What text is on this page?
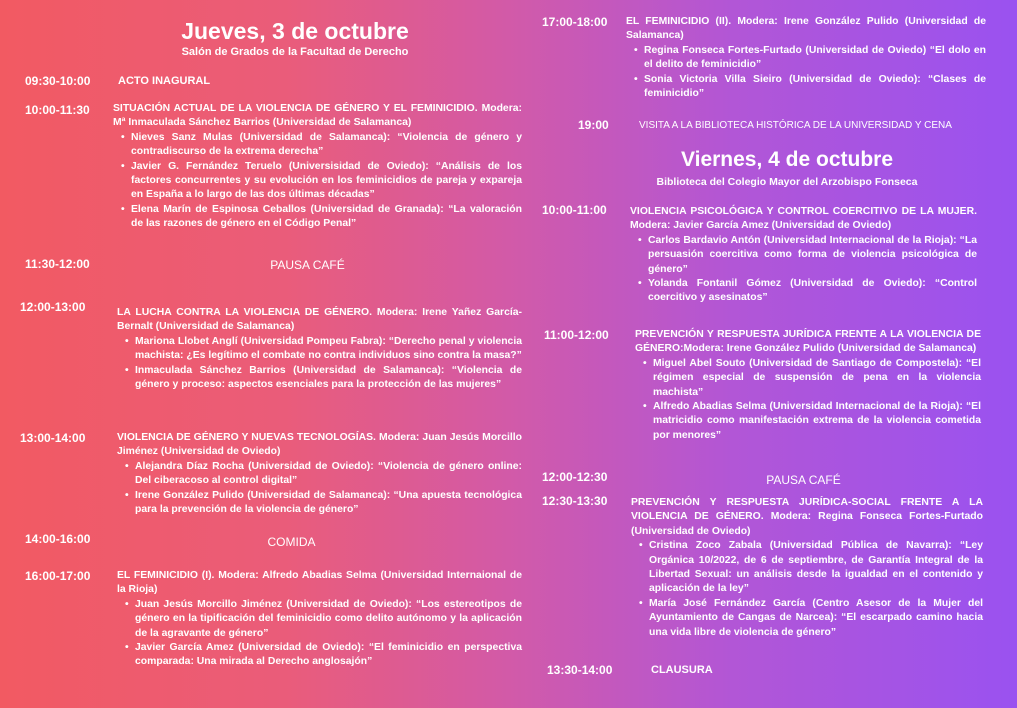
Jueves, 3 de octubre
Salón de Grados de la Facultad de Derecho
09:30-10:00	ACTO INAGURAL
10:00-11:30 SITUACIÓN ACTUAL DE LA VIOLENCIA DE GÉNERO Y EL FEMINICIDIO. Modera: Mª Inmaculada Sánchez Barrios (Universidad de Salamanca)
• Nieves Sanz Mulas (Universidad de Salamanca): “Violencia de género y contradiscurso de la extrema derecha”
• Javier G. Fernández Teruelo (Universisidad de Oviedo): “Análisis de los factores concurrentes y su evolución en los feminicidios de pareja y expareja en España a lo largo de las dos últimas décadas”
• Elena Marín de Espinosa Ceballos (Universidad de Granada): “La valoración de las razones de género en el Código Penal”
11:30-12:00	PAUSA CAFÉ
12:00-13:00	LA LUCHA CONTRA LA VIOLENCIA DE GÉNERO. Modera: Irene Yañez García-Bernalt (Universidad de Salamanca)
• Mariona Llobet Anglí (Universidad Pompeu Fabra): “Derecho penal y violencia machista: ¿Es legítimo el combate no contra individuos sino contra la masa?”
• Inmaculada Sánchez Barrios (Universidad de Salamanca): “Violencia de género y proceso: aspectos esenciales para la protección de las mujeres”
13:00-14:00	VIOLENCIA DE GÉNERO Y NUEVAS TECNOLOGÍAS. Modera: Juan Jesús Morcillo Jiménez (Universidad de Oviedo)
• Alejandra Díaz Rocha (Universidad de Oviedo): “Violencia de género online: Del ciberacoso al control digital”
• Irene González Pulido (Universidad de Salamanca): “Una apuesta tecnológica para la prevención de la violencia de género”
14:00-16:00	COMIDA
16:00-17:00	EL FEMINICIDIO (I). Modera: Alfredo Abadias Selma (Universidad Internaional de la Rioja)
• Juan Jesús Morcillo Jiménez (Universidad de Oviedo): “Los estereotipos de género en la tipificación del feminicidio como delito autónomo y la aplicación de la agravante de género”
• Javier García Amez (Universidad de Oviedo): “El feminicidio en perspectiva comparada: Una mirada al Derecho anglosajón”
17:00-18:00 EL FEMINICIDIO (II). Modera: Irene González Pulido (Universidad de Salamanca)
• Regina Fonseca Fortes-Furtado (Universidad de Oviedo) “El dolo en el delito de feminicidio”
• Sonia Victoria Villa Sieiro (Universidad de Oviedo): “Clases de feminicidio”
19:00	VISITA A LA BIBLIOTECA HISTÓRICA DE LA UNIVERSIDAD Y CENA
Viernes, 4 de octubre
Biblioteca del Colegio Mayor del Arzobispo Fonseca
10:00-11:00 VIOLENCIA PSICOLÓGICA Y CONTROL COERCITIVO DE LA MUJER. Modera: Javier García Amez (Universidad de Oviedo)
• Carlos Bardavio Antón (Universidad Internacional de la Rioja): “La persuasión coercitiva como forma de violencia psicológica de género”
• Yolanda Fontanil Gómez (Universidad de Oviedo): “Control coercitivo y asesinatos”
11:00-12:00	PREVENCIÓN Y RESPUESTA JURÍDICA FRENTE A LA VIOLENCIA DE GÉNERO:Modera: Irene González Pulido (Universidad de Salamanca)
• Miguel Abel Souto (Universidad de Santiago de Compostela): “El régimen especial de suspensión de pena en la violencia machista”
• Alfredo Abadias Selma (Universidad Internacional de la Rioja): “El matricidio como manifestación extrema de la violencia cometida por menores”
12:00-12:30	PAUSA CAFÉ
12:30-13:30 PREVENCIÓN Y RESPUESTA JURÍDICA-SOCIAL FRENTE A LA VIOLENCIA DE GÉNERO. Modera: Regina Fonseca Fortes-Furtado (Universidad de Oviedo)
• Cristina Zoco Zabala (Universidad Pública de Navarra): “Ley Orgánica 10/2022, de 6 de septiembre, de Garantía Integral de la Libertad Sexual: un análisis desde la igualdad en el contenido y aplicación de la ley”
• María José Fernández García (Centro Asesor de la Mujer del Ayuntamiento de Cangas de Narcea): “El escarpado camino hacia una vida libre de violencia de género”
13:30-14:00	CLAUSURA
